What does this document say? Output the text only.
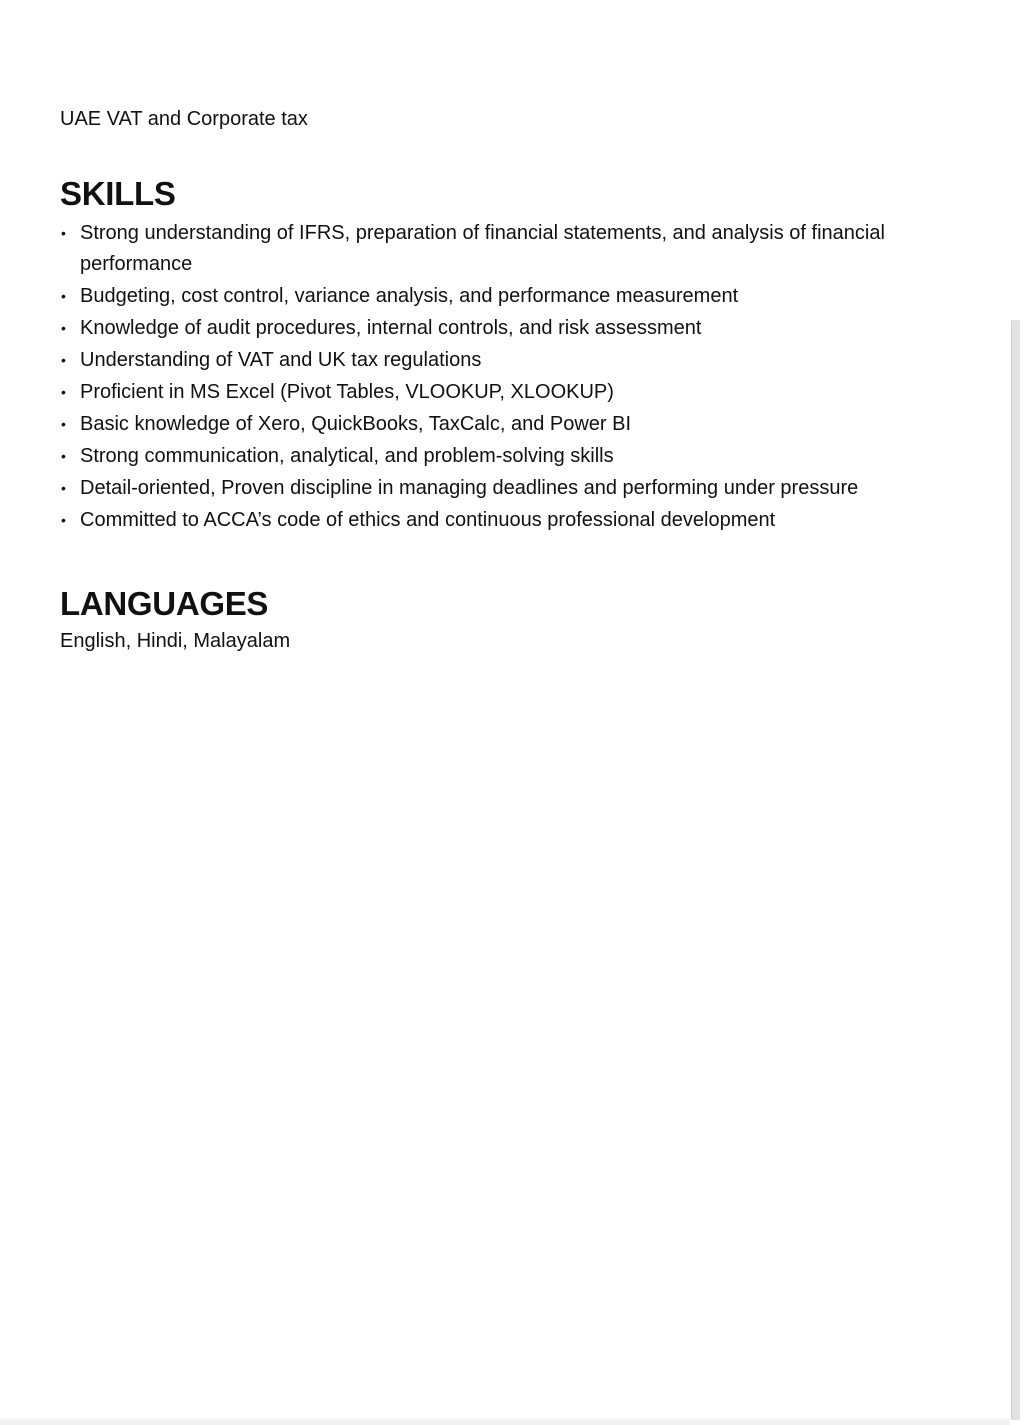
UAE VAT and Corporate tax

SKILLS
• Strong understanding of IFRS, preparation of financial statements, and analysis of financial performance
• Budgeting, cost control, variance analysis, and performance measurement
• Knowledge of audit procedures, internal controls, and risk assessment
• Understanding of VAT and UK tax regulations
• Proficient in MS Excel (Pivot Tables, VLOOKUP, XLOOKUP)
• Basic knowledge of Xero, QuickBooks, TaxCalc, and Power BI
• Strong communication, analytical, and problem-solving skills
• Detail-oriented, Proven discipline in managing deadlines and performing under pressure
• Committed to ACCA’s code of ethics and continuous professional development
LANGUAGES

English, Hindi, Malayalam
